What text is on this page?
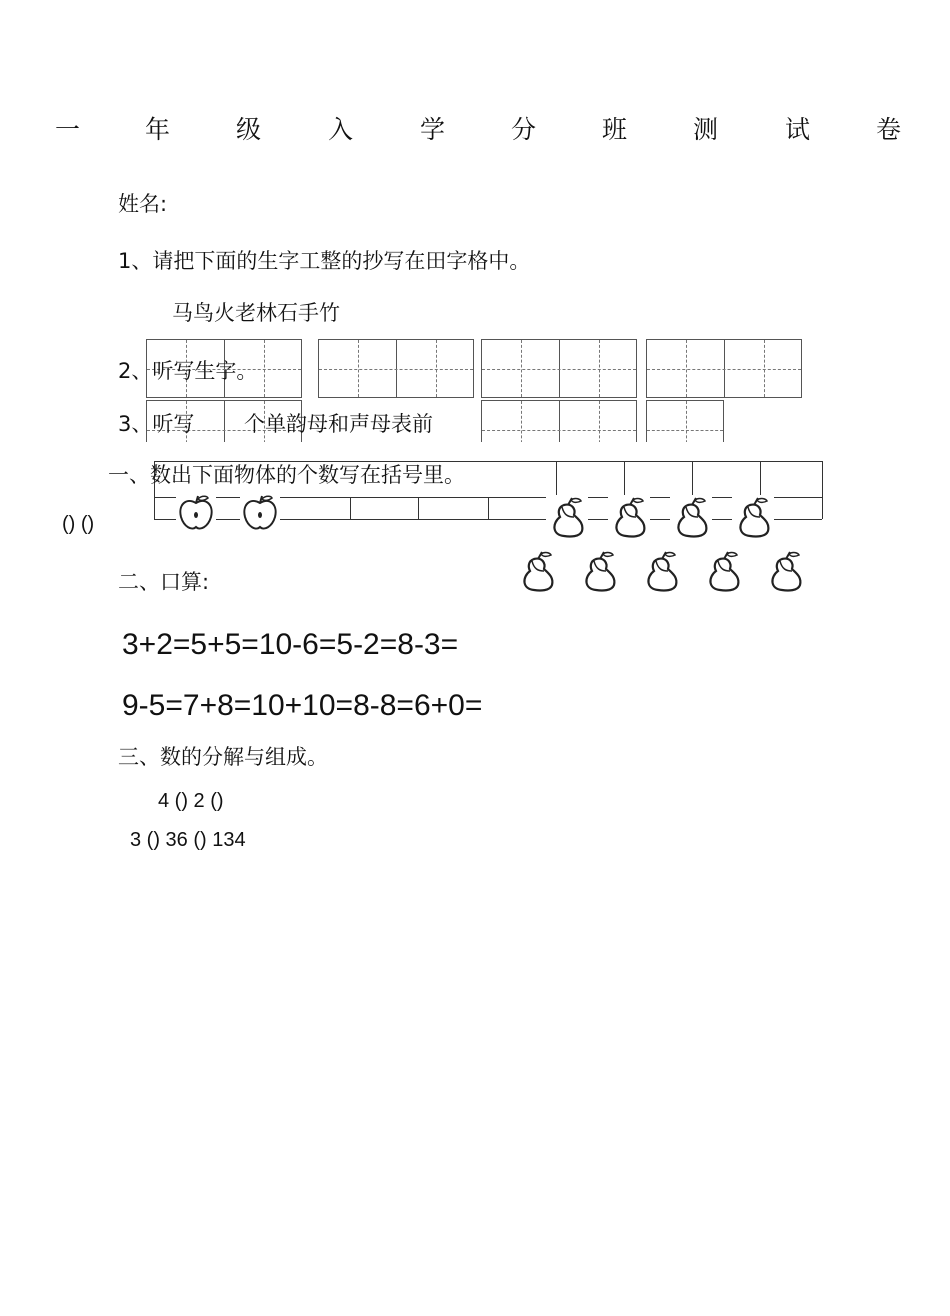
一	年	级	入	学	分	班	测	试	卷
姓名:
1、请把下面的生字工整的抄写在田字格中。
马鸟火老林石手竹
2、听写生字。
3、听写 个单韵母和声母表前
一、数出下面物体的个数写在括号里。
() ()
二、口算:
3+2=5+5=10-6=5-2=8-3=
9-5=7+8=10+10=8-8=6+0=
三、数的分解与组成。
4 () 2 ()
3 () 36 () 134
